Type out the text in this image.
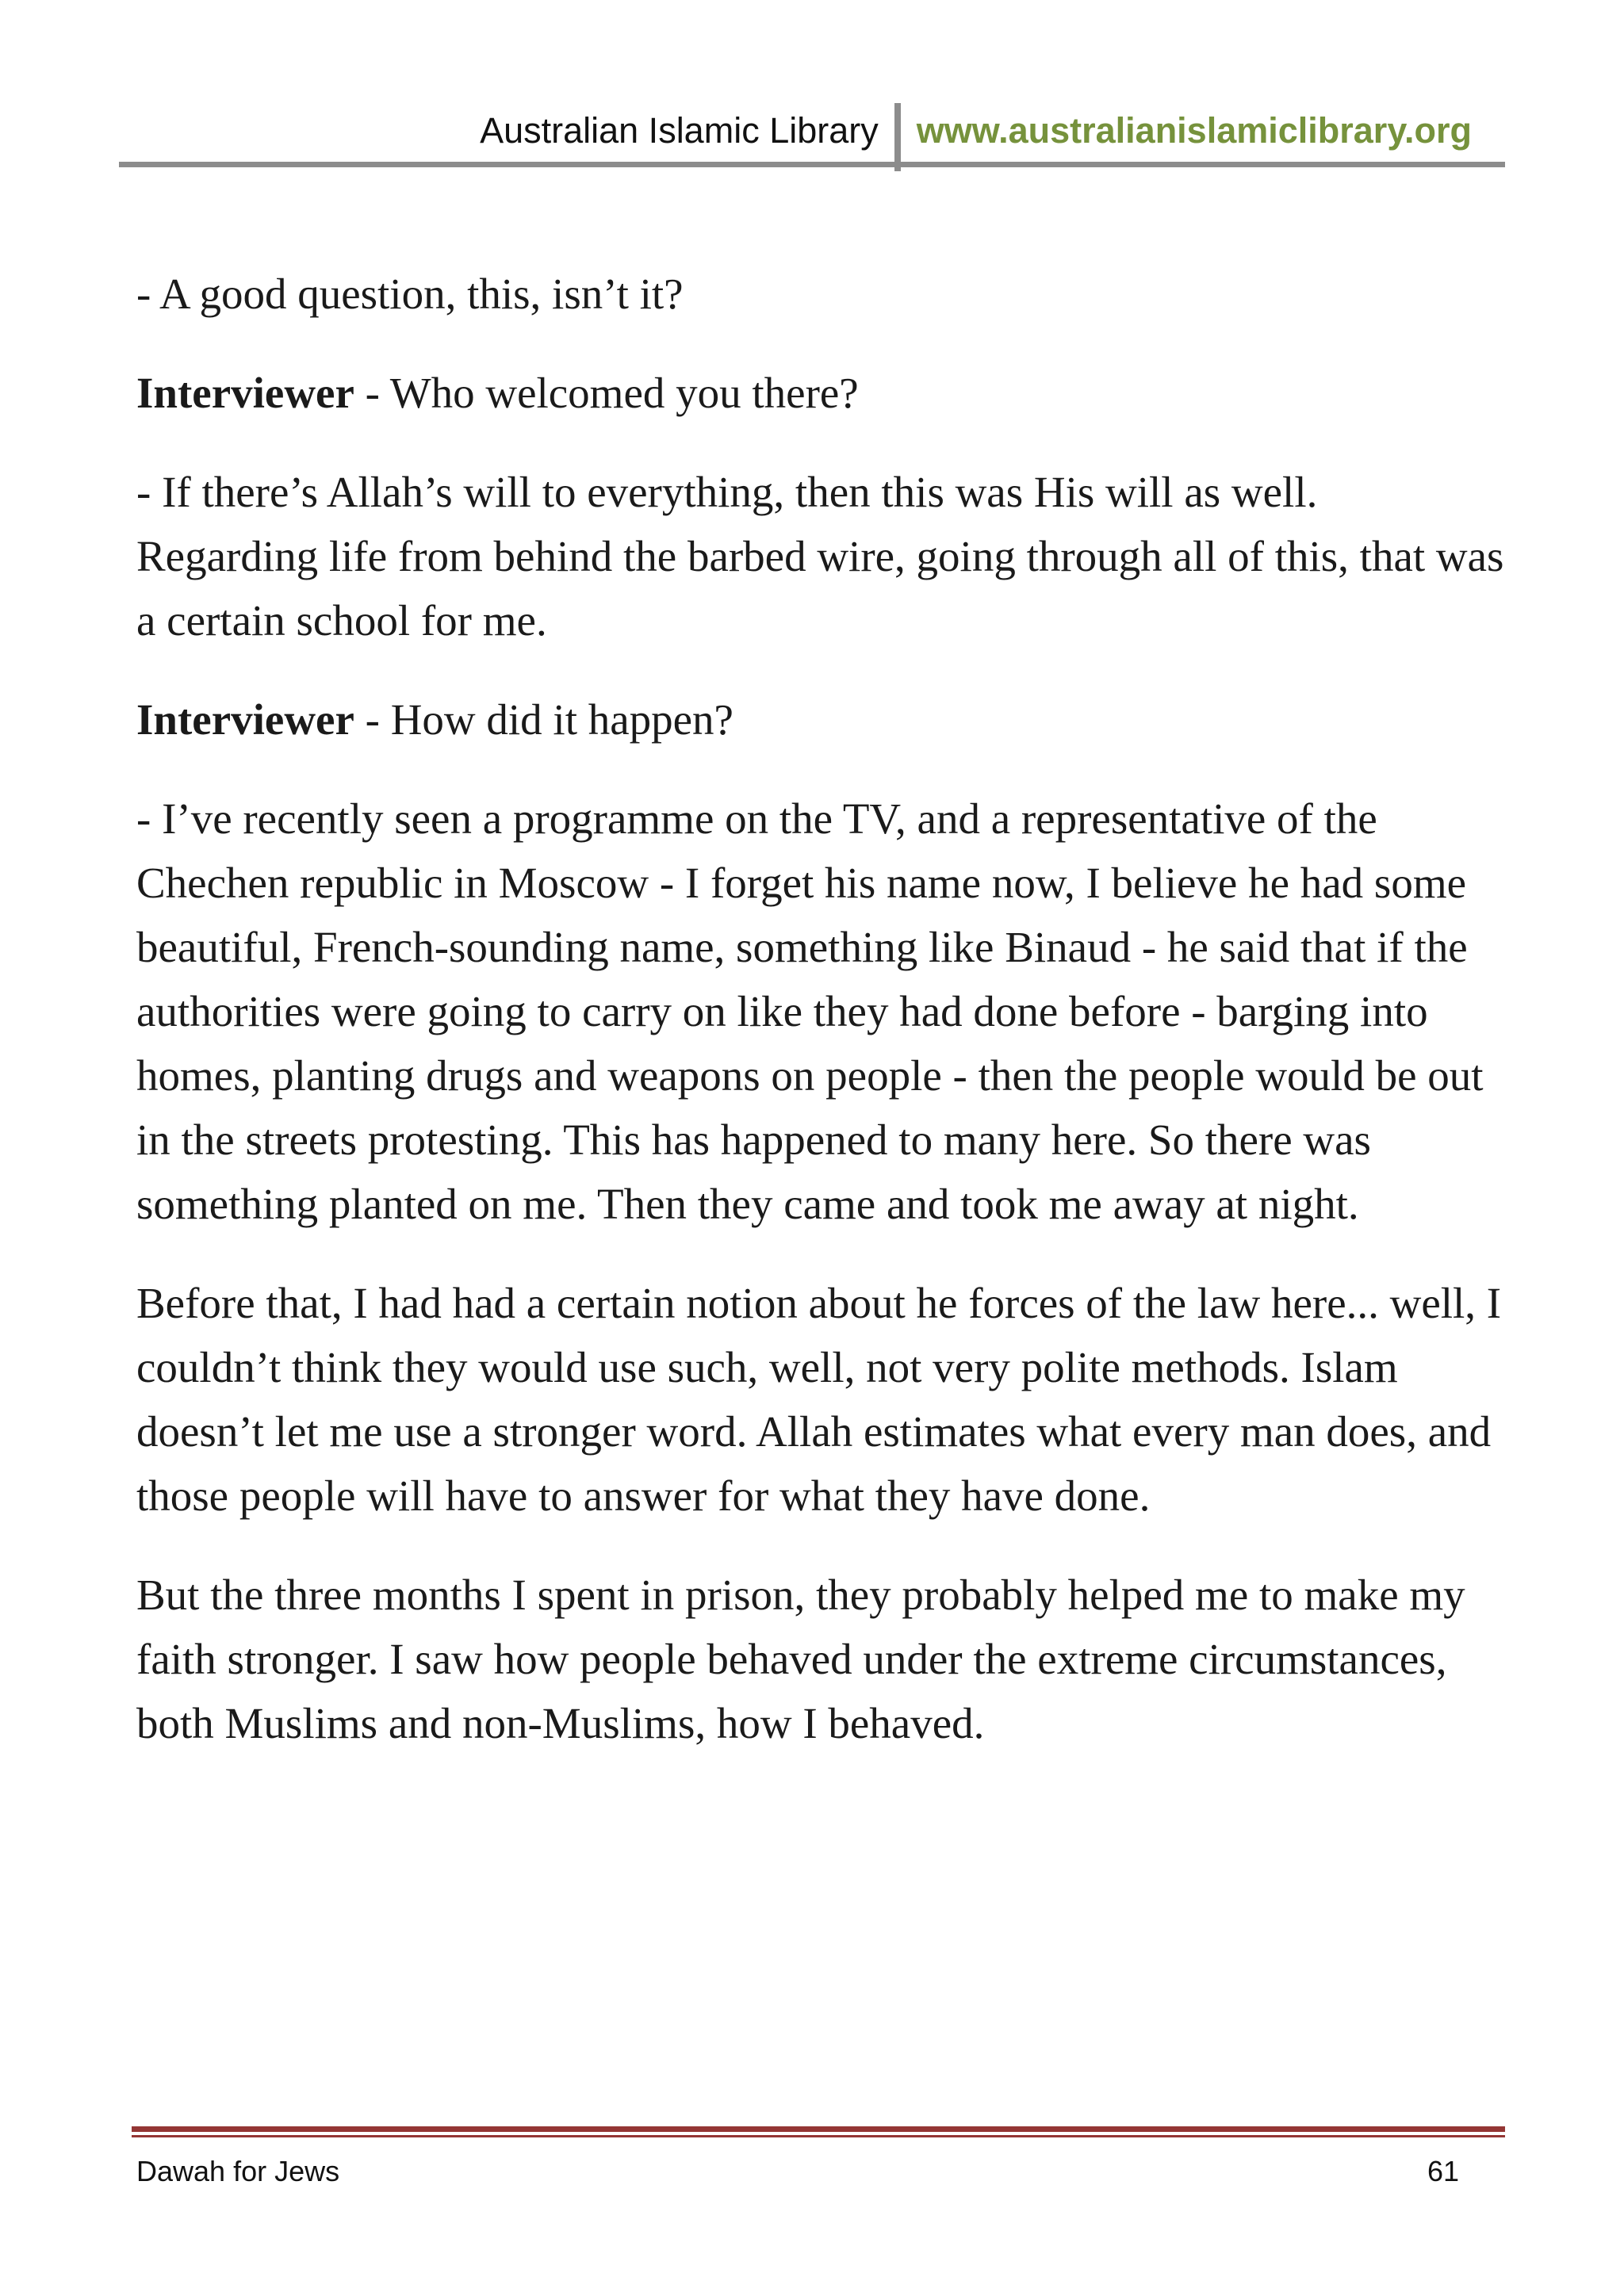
Australian Islamic Library	www.australianislamiclibrary.org

- A good question, this, isn’t it?

Interviewer - Who welcomed you there?

- If there’s Allah’s will to everything, then this was His will as well. Regarding life from behind the barbed wire, going through all of this, that was a certain school for me.

Interviewer - How did it happen?

- I’ve recently seen a programme on the TV, and a representative of the Chechen republic in Moscow - I forget his name now, I believe he had some beautiful, French-sounding name, something like Binaud - he said that if the authorities were going to carry on like they had done before - barging into homes, planting drugs and weapons on people - then the people would be out in the streets protesting. This has happened to many here. So there was something planted on me. Then they came and took me away at night.

Before that, I had had a certain notion about he forces of the law here... well, I couldn’t think they would use such, well, not very polite methods. Islam doesn’t let me use a stronger word. Allah estimates what every man does, and those people will have to answer for what they have done.

But the three months I spent in prison, they probably helped me to make my faith stronger. I saw how people behaved under the extreme circumstances, both Muslims and non-Muslims, how I behaved.

Dawah for Jews	61
